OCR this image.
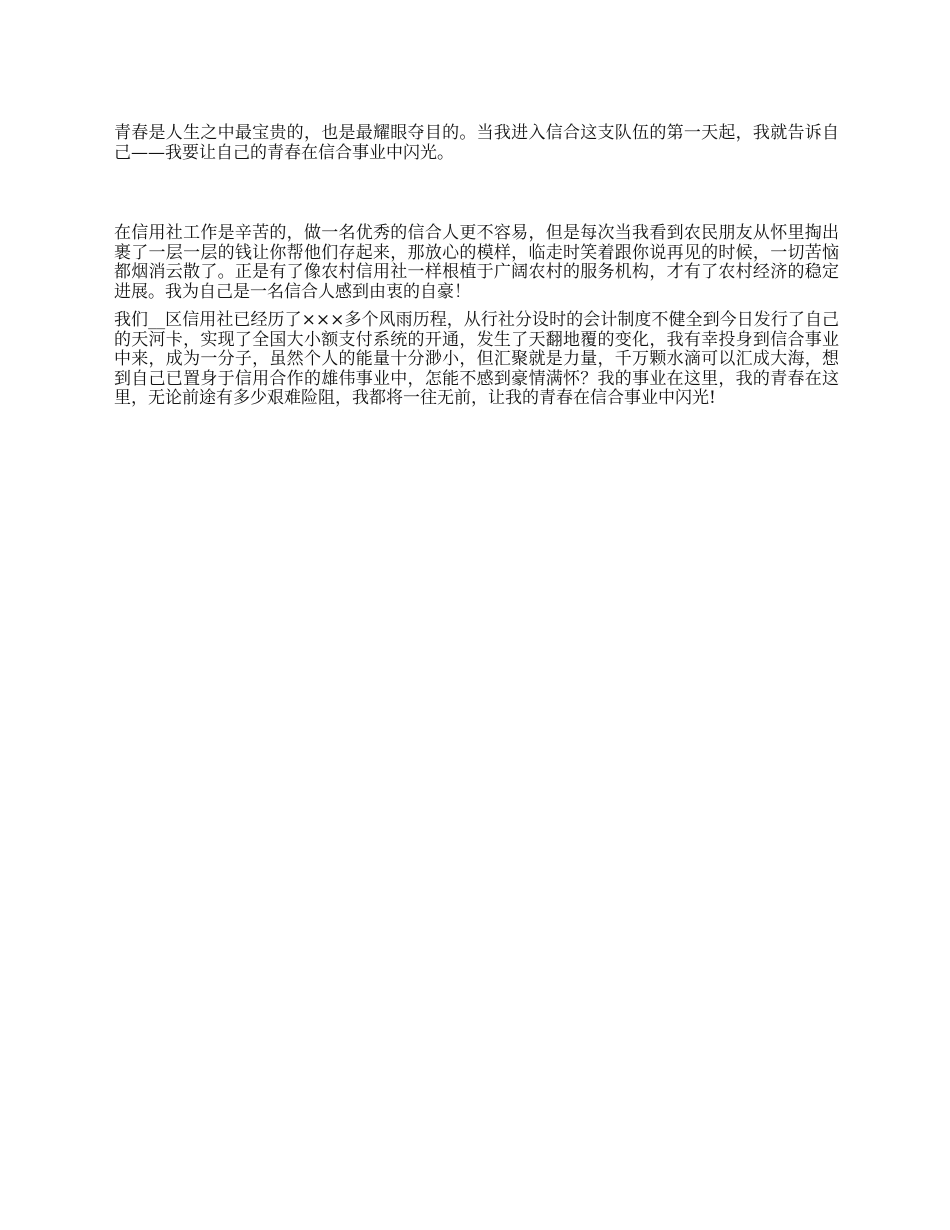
青春是人生之中最宝贵的，也是最耀眼夺目的。当我进入信合这支队伍的第一天起，我就告诉自己——我要让自己的青春在信合事业中闪光。

在信用社工作是辛苦的，做一名优秀的信合人更不容易，但是每次当我看到农民朋友从怀里掏出裹了一层一层的钱让你帮他们存起来，那放心的模样，临走时笑着跟你说再见的时候，一切苦恼都烟消云散了。正是有了像农村信用社一样根植于广阔农村的服务机构，才有了农村经济的稳定进展。我为自己是一名信合人感到由衷的自豪！

我们__区信用社已经历了×××多个风雨历程，从行社分设时的会计制度不健全到今日发行了自己的天河卡，实现了全国大小额支付系统的开通，发生了天翻地覆的变化，我有幸投身到信合事业中来，成为一分子，虽然个人的能量十分渺小，但汇聚就是力量，千万颗水滴可以汇成大海，想到自己已置身于信用合作的雄伟事业中，怎能不感到豪情满怀？我的事业在这里，我的青春在这里，无论前途有多少艰难险阻，我都将一往无前，让我的青春在信合事业中闪光!
